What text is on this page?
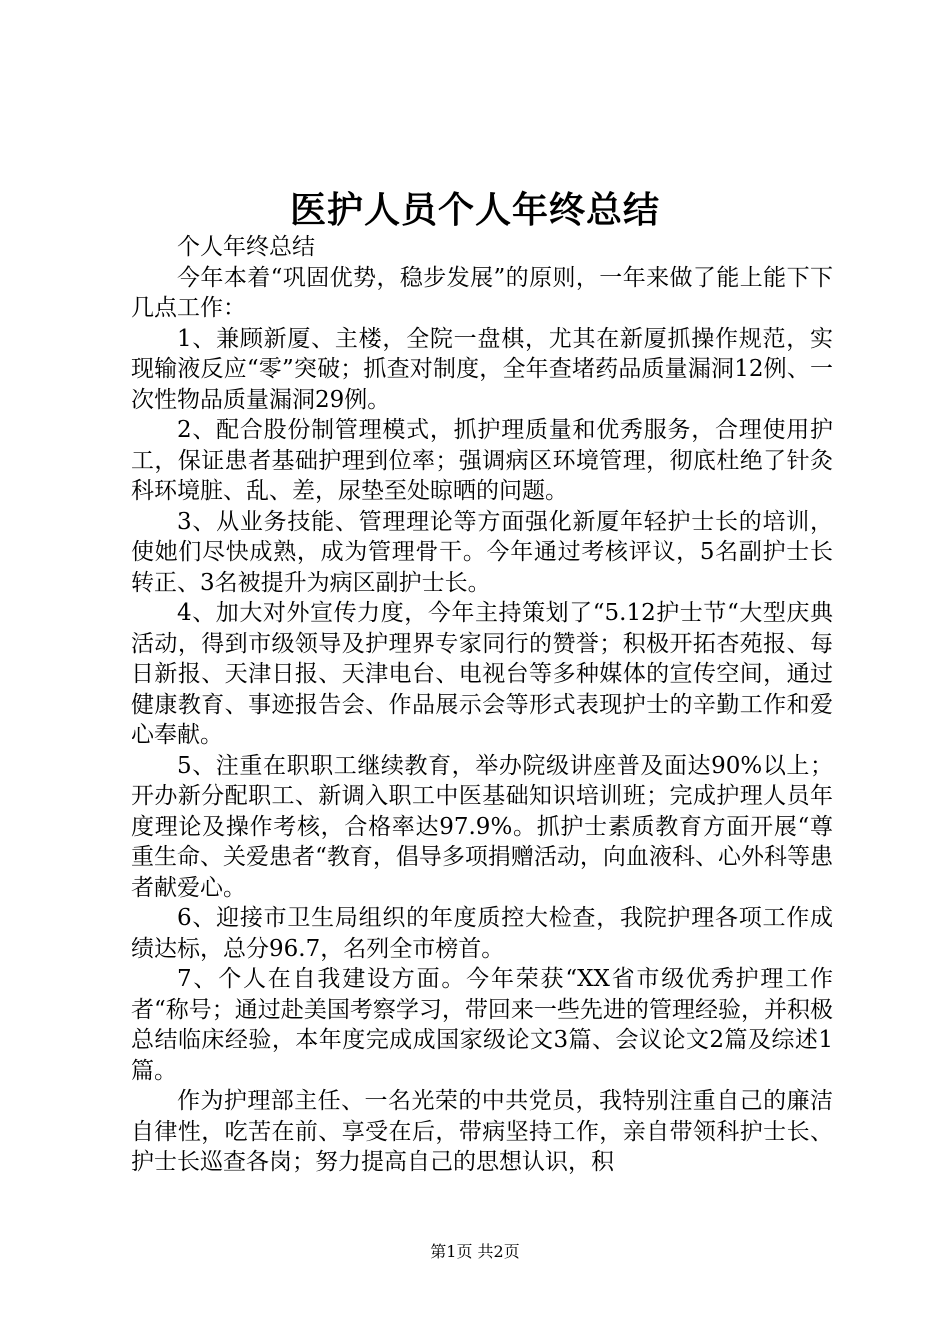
医护人员个人年终总结

个人年终总结

今年本着“巩固优势，稳步发展”的原则，一年来做了能上能下下几点工作：

1、兼顾新厦、主楼，全院一盘棋，尤其在新厦抓操作规范，实现输液反应“零”突破；抓查对制度，全年查堵药品质量漏洞12例、一次性物品质量漏洞29例。

2、配合股份制管理模式，抓护理质量和优秀服务，合理使用护工，保证患者基础护理到位率；强调病区环境管理，彻底杜绝了针灸科环境脏、乱、差，尿垫至处晾晒的问题。

3、从业务技能、管理理论等方面强化新厦年轻护士长的培训，使她们尽快成熟，成为管理骨干。今年通过考核评议，5名副护士长转正、3名被提升为病区副护士长。

4、加大对外宣传力度，今年主持策划了“5.12护士节“大型庆典活动，得到市级领导及护理界专家同行的赞誉；积极开拓杏苑报、每日新报、天津日报、天津电台、电视台等多种媒体的宣传空间，通过健康教育、事迹报告会、作品展示会等形式表现护士的辛勤工作和爱心奉献。

5、注重在职职工继续教育，举办院级讲座普及面达90%以上；开办新分配职工、新调入职工中医基础知识培训班；完成护理人员年度理论及操作考核，合格率达97.9%。抓护士素质教育方面开展“尊重生命、关爱患者“教育，倡导多项捐赠活动，向血液科、心外科等患者献爱心。

6、迎接市卫生局组织的年度质控大检查，我院护理各项工作成绩达标，总分96.7，名列全市榜首。

7、个人在自我建设方面。今年荣获“XX省市级优秀护理工作者“称号；通过赴美国考察学习，带回来一些先进的管理经验，并积极总结临床经验，本年度完成成国家级论文3篇、会议论文2篇及综述1篇。

作为护理部主任、一名光荣的中共党员，我特别注重自己的廉洁自律性，吃苦在前、享受在后，带病坚持工作，亲自带领科护士长、护士长巡查各岗；努力提高自己的思想认识，积

第1页 共2页
